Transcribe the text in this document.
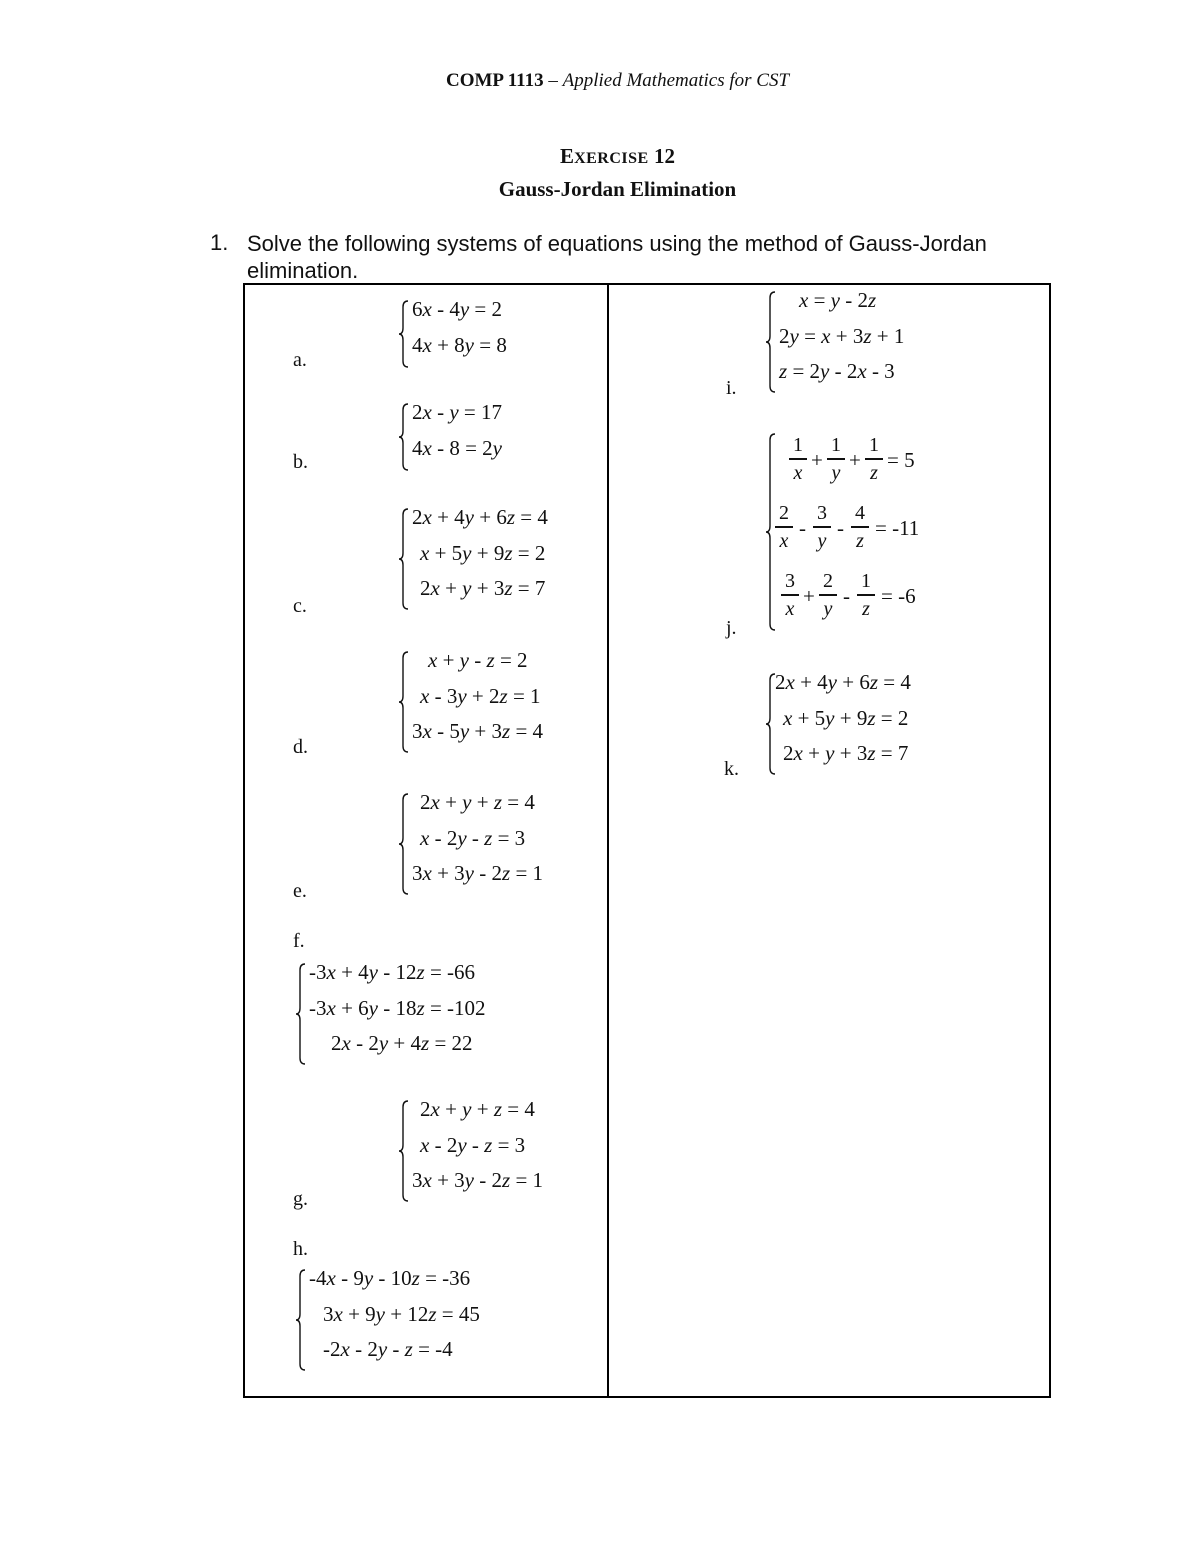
COMP 1113 – Applied Mathematics for CST
EXERCISE 12
Gauss-Jordan Elimination
1. Solve the following systems of equations using the method of Gauss-Jordan elimination.
a.
6x - 4y = 2
4x + 8y = 8
b.
2x - y = 17
4x - 8 = 2y
c.
2x + 4y + 6z = 4
x + 5y + 9z = 2
2x + y + 3z = 7
d.
x + y - z = 2
x - 3y + 2z = 1
3x - 5y + 3z = 4
e.
2x + y + z = 4
x - 2y - z = 3
3x + 3y - 2z = 1
f.
-3x + 4y - 12z = -66
-3x + 6y - 18z = -102
2x - 2y + 4z = 22
g.
2x + y + z = 4
x - 2y - z = 3
3x + 3y - 2z = 1
h.
-4x - 9y - 10z = -36
3x + 9y + 12z = 45
-2x - 2y - z = -4
i.
x = y - 2z
2y = x + 3z + 1
z = 2y - 2x - 3
j.
1
x
+
1
y
+
1
z
= 5
2
x
-
3
y
-
4
z
= -11
3
x
+
2
y
-
1
z
= -6
k.
2x + 4y + 6z = 4
x + 5y + 9z = 2
2x + y + 3z = 7
